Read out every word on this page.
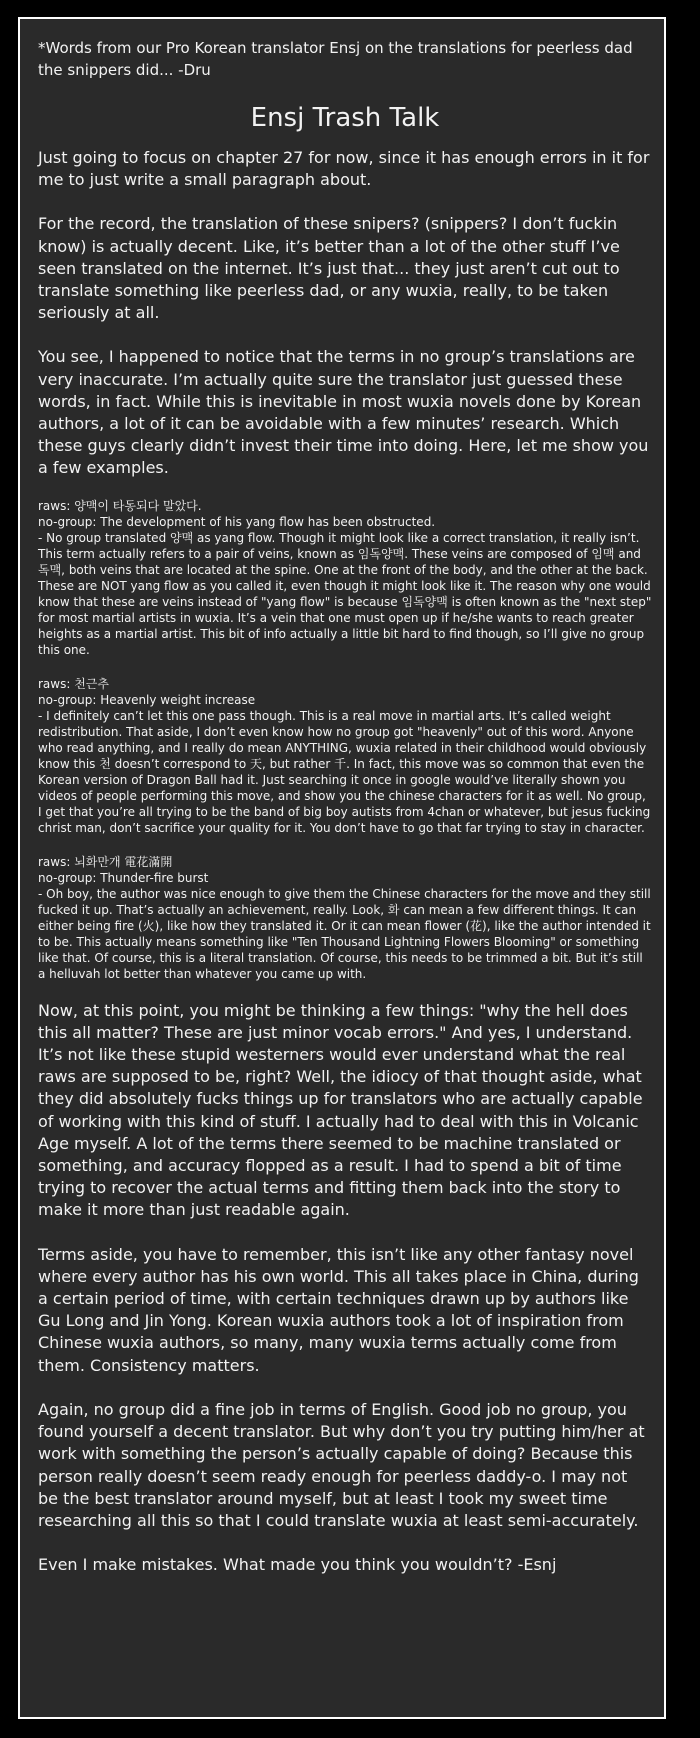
*Words from our Pro Korean translator Ensj on the translations for peerless dad the snippers did... -Dru

Ensj Trash Talk

Just going to focus on chapter 27 for now, since it has enough errors in it for me to just write a small paragraph about.

For the record, the translation of these snipers? (snippers? I don’t fuckin know) is actually decent. Like, it’s better than a lot of the other stuff I’ve seen translated on the internet. It’s just that... they just aren’t cut out to translate something like peerless dad, or any wuxia, really, to be taken seriously at all.

You see, I happened to notice that the terms in no group’s translations are very inaccurate. I’m actually quite sure the translator just guessed these words, in fact. While this is inevitable in most wuxia novels done by Korean authors, a lot of it can be avoidable with a few minutes’ research. Which these guys clearly didn’t invest their time into doing. Here, let me show you a few examples.

raws: 양맥이 타동되다 말았다.
no-group: The development of his yang flow has been obstructed.
- No group translated 양맥 as yang flow. Though it might look like a correct translation, it really isn’t. This term actually refers to a pair of veins, known as 임독양맥. These veins are composed of 임맥 and 독맥, both veins that are located at the spine. One at the front of the body, and the other at the back. These are NOT yang flow as you called it, even though it might look like it. The reason why one would know that these are veins instead of "yang flow" is because 임독양맥 is often known as the "next step" for most martial artists in wuxia. It’s a vein that one must open up if he/she wants to reach greater heights as a martial artist. This bit of info actually a little bit hard to find though, so I’ll give no group this one.
raws: 천근추
no-group: Heavenly weight increase
- I definitely can’t let this one pass though. This is a real move in martial arts. It’s called weight redistribution. That aside, I don’t even know how no group got "heavenly" out of this word. Anyone who read anything, and I really do mean ANYTHING, wuxia related in their childhood would obviously know this 천 doesn’t correspond to 天, but rather 千. In fact, this move was so common that even the Korean version of Dragon Ball had it. Just searching it once in google would’ve literally shown you videos of people performing this move, and show you the chinese characters for it as well. No group, I get that you’re all trying to be the band of big boy autists from 4chan or whatever, but jesus fucking christ man, don’t sacrifice your quality for it. You don’t have to go that far trying to stay in character.
raws: 뇌화만개 電花滿開
no-group: Thunder-fire burst
- Oh boy, the author was nice enough to give them the Chinese characters for the move and they still fucked it up. That’s actually an achievement, really. Look, 화 can mean a few different things. It can either being fire (火), like how they translated it. Or it can mean flower (花), like the author intended it to be. This actually means something like "Ten Thousand Lightning Flowers Blooming" or something like that. Of course, this is a literal translation. Of course, this needs to be trimmed a bit. But it’s still a helluvah lot better than whatever you came up with.

Now, at this point, you might be thinking a few things: "why the hell does this all matter? These are just minor vocab errors." And yes, I understand. It’s not like these stupid westerners would ever understand what the real raws are supposed to be, right? Well, the idiocy of that thought aside, what they did absolutely fucks things up for translators who are actually capable of working with this kind of stuff. I actually had to deal with this in Volcanic Age myself. A lot of the terms there seemed to be machine translated or something, and accuracy flopped as a result. I had to spend a bit of time trying to recover the actual terms and fitting them back into the story to make it more than just readable again.

Terms aside, you have to remember, this isn’t like any other fantasy novel where every author has his own world. This all takes place in China, during a certain period of time, with certain techniques drawn up by authors like Gu Long and Jin Yong. Korean wuxia authors took a lot of inspiration from Chinese wuxia authors, so many, many wuxia terms actually come from them. Consistency matters.

Again, no group did a fine job in terms of English. Good job no group, you found yourself a decent translator. But why don’t you try putting him/her at work with something the person’s actually capable of doing? Because this person really doesn’t seem ready enough for peerless daddy-o. I may not be the best translator around myself, but at least I took my sweet time researching all this so that I could translate wuxia at least semi-accurately.

Even I make mistakes. What made you think you wouldn’t? -Esnj
